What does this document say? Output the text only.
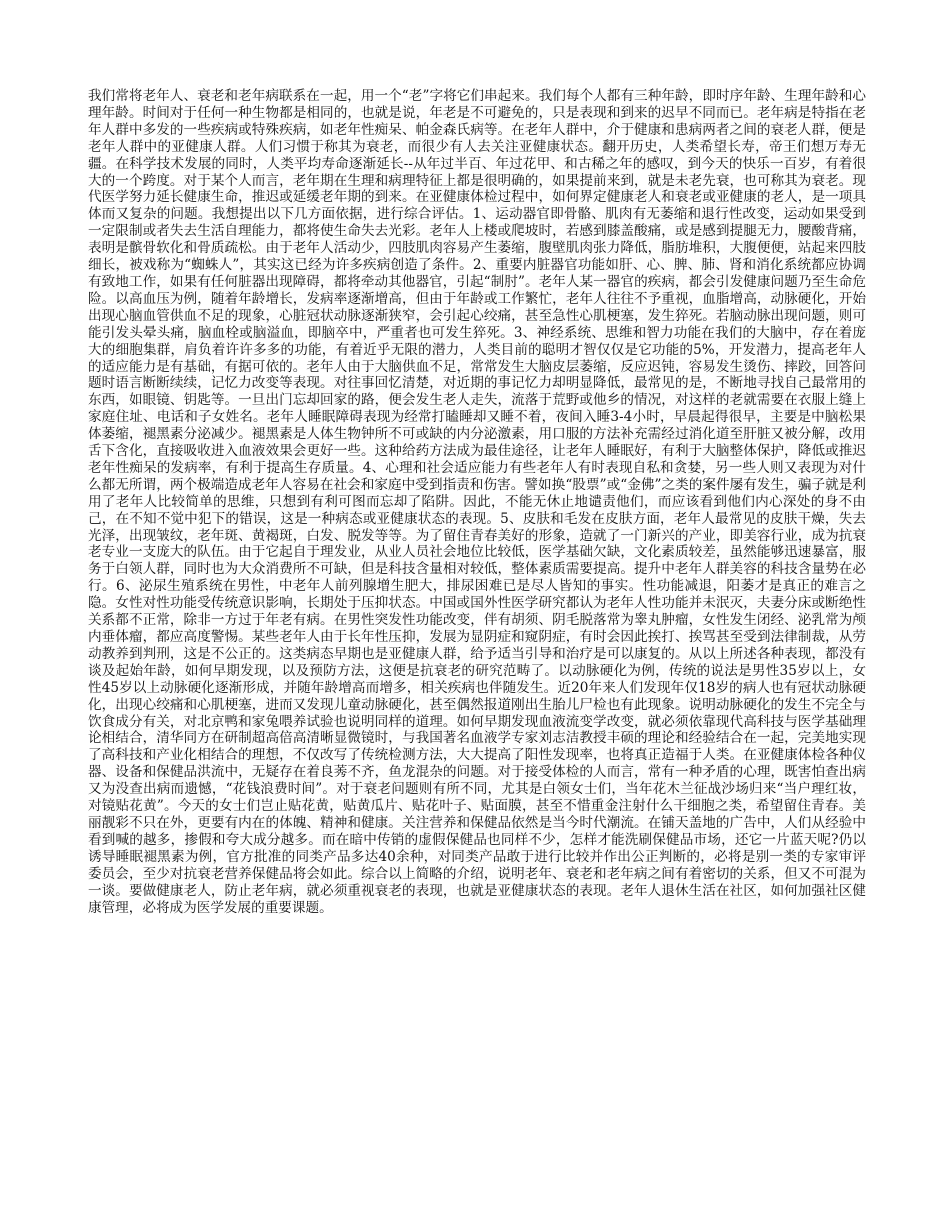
我们常将老年人、衰老和老年病联系在一起，用一个“老”字将它们串起来。我们每个人都有三种年龄，即时序年龄、生理年龄和心理年龄。时间对于任何一种生物都是相同的，也就是说，年老是不可避免的，只是表现和到来的迟早不同而已。老年病是特指在老年人群中多发的一些疾病或特殊疾病，如老年性痴呆、帕金森氏病等。在老年人群中，介于健康和患病两者之间的衰老人群，便是老年人群中的亚健康人群。人们习惯于称其为衰老，而很少有人去关注亚健康状态。翻开历史，人类希望长寿，帝王们想万寿无疆。在科学技术发展的同时，人类平均寿命逐渐延长--从年过半百、年过花甲、和古稀之年的感叹，到今天的快乐一百岁，有着很大的一个跨度。对于某个人而言，老年期在生理和病理特征上都是很明确的，如果提前来到，就是未老先衰，也可称其为衰老。现代医学努力延长健康生命，推迟或延缓老年期的到来。在亚健康体检过程中，如何界定健康老人和衰老或亚健康的老人，是一项具体而又复杂的问题。我想提出以下几方面依据，进行综合评估。1、运动器官即骨骼、肌肉有无萎缩和退行性改变，运动如果受到一定限制或者失去生活自理能力，都将使生命失去光彩。老年人上楼或爬坡时，若感到膝盖酸痛，或是感到提腿无力，腰酸背痛，表明是髌骨软化和骨质疏松。由于老年人活动少，四肢肌肉容易产生萎缩，腹壁肌肉张力降低，脂肪堆积，大腹便便，站起来四肢细长，被戏称为“蜘蛛人”，其实这已经为许多疾病创造了条件。2、重要内脏器官功能如肝、心、脾、肺、肾和消化系统都应协调有致地工作，如果有任何脏器出现障碍，都将牵动其他器官，引起“制肘”。老年人某一器官的疾病，都会引发健康问题乃至生命危险。以高血压为例，随着年龄增长，发病率逐渐增高，但由于年龄或工作繁忙，老年人往往不予重视，血脂增高，动脉硬化，开始出现心脑血管供血不足的现象，心脏冠状动脉逐渐狭窄，会引起心绞痛，甚至急性心肌梗塞，发生猝死。若脑动脉出现问题，则可能引发头晕头痛，脑血栓或脑溢血，即脑卒中，严重者也可发生猝死。3、神经系统、思维和智力功能在我们的大脑中，存在着庞大的细胞集群，肩负着许许多多的功能，有着近乎无限的潜力，人类目前的聪明才智仅仅是它功能的5%，开发潜力，提高老年人的适应能力是有基础，有据可依的。老年人由于大脑供血不足，常常发生大脑皮层萎缩，反应迟钝，容易发生烫伤、摔跤，回答问题时语言断断续续，记忆力改变等表现。对往事回忆清楚，对近期的事记忆力却明显降低，最常见的是，不断地寻找自己最常用的东西，如眼镜、钥匙等。一旦出门忘却回家的路，便会发生老人走失，流落于荒野或他乡的情况，对这样的老就需要在衣服上缝上家庭住址、电话和子女姓名。老年人睡眠障碍表现为经常打瞌睡却又睡不着，夜间入睡3-4小时，早晨起得很早，主要是中脑松果体萎缩，褪黑素分泌减少。褪黑素是人体生物钟所不可或缺的内分泌激素，用口服的方法补充需经过消化道至肝脏又被分解，改用舌下含化，直接吸收进入血液效果会更好一些。这种给药方法成为最佳途径，让老年人睡眠好，有利于大脑整体保护，降低或推迟老年性痴呆的发病率，有利于提高生存质量。4、心理和社会适应能力有些老年人有时表现自私和贪婪，另一些人则又表现为对什么都无所谓，两个极端造成老年人容易在社会和家庭中受到指责和伤害。譬如换“股票”或“金佛”之类的案件屡有发生，骗子就是利用了老年人比较简单的思维，只想到有利可图而忘却了陷阱。因此，不能无休止地谴责他们，而应该看到他们内心深处的身不由己，在不知不觉中犯下的错误，这是一种病态或亚健康状态的表现。5、皮肤和毛发在皮肤方面，老年人最常见的皮肤干燥，失去光泽，出现皱纹，老年斑、黄褐斑，白发、脱发等等。为了留住青春美好的形象，造就了一门新兴的产业，即美容行业，成为抗衰老专业一支庞大的队伍。由于它起自于理发业，从业人员社会地位比较低，医学基础欠缺，文化素质较差，虽然能够迅速暴富，服务于白领人群，同时也为大众消费所不可缺，但是科技含量相对较低，整体素质需要提高。提升中老年人群美容的科技含量势在必行。6、泌尿生殖系统在男性，中老年人前列腺增生肥大，排尿困难已是尽人皆知的事实。性功能减退，阳萎才是真正的难言之隐。女性对性功能受传统意识影响，长期处于压抑状态。中国或国外性医学研究都认为老年人性功能并未泯灭，夫妻分床或断绝性关系都不正常，除非一方过于年老有病。在男性突发性功能改变，伴有胡须、阴毛脱落常为睾丸肿瘤，女性发生闭经、泌乳常为颅内垂体瘤，都应高度警惕。某些老年人由于长年性压抑，发展为显阴症和窥阴症，有时会因此挨打、挨骂甚至受到法律制裁，从劳动教养到判刑，这是不公正的。这类病态早期也是亚健康人群，给予适当引导和治疗是可以康复的。从以上所述各种表现，都没有谈及起始年龄，如何早期发现，以及预防方法，这便是抗衰老的研究范畴了。以动脉硬化为例，传统的说法是男性35岁以上，女性45岁以上动脉硬化逐渐形成，并随年龄增高而增多，相关疾病也伴随发生。近20年来人们发现年仅18岁的病人也有冠状动脉硬化，出现心绞痛和心肌梗塞，进而又发现儿童动脉硬化，甚至偶然报道刚出生胎儿尸检也有此现象。说明动脉硬化的发生不完全与饮食成分有关，对北京鸭和家兔喂养试验也说明同样的道理。如何早期发现血液流变学改变，就必须依靠现代高科技与医学基础理论相结合，清华同方在研制超高倍高清晰显微镜时，与我国著名血液学专家刘志洁教授丰硕的理论和经验结合在一起，完美地实现了高科技和产业化相结合的理想，不仅改写了传统检测方法，大大提高了阳性发现率，也将真正造福于人类。在亚健康体检各种仪器、设备和保健品洪流中，无疑存在着良莠不齐，鱼龙混杂的问题。对于接受体检的人而言，常有一种矛盾的心理，既害怕查出病又为没查出病而遗憾，“花钱浪费时间”。对于衰老问题则有所不同，尤其是白领女士们，当年花木兰征战沙场归来“当户理红妆，对镜贴花黄”。今天的女士们岂止贴花黄，贴黄瓜片、贴花叶子、贴面膜，甚至不惜重金注射什么干细胞之类，希望留住青春。美丽靓彩不只在外，更要有内在的体魄、精神和健康。关注营养和保健品依然是当今时代潮流。在铺天盖地的广告中，人们从经验中看到喊的越多，掺假和夸大成分越多。而在暗中传销的虚假保健品也同样不少，怎样才能洗刷保健品市场，还它一片蓝天呢?仍以诱导睡眠褪黑素为例，官方批准的同类产品多达40余种，对同类产品敢于进行比较并作出公正判断的，必将是别一类的专家审评委员会，至少对抗衰老营养保健品将会如此。综合以上简略的介绍，说明老年、衰老和老年病之间有着密切的关系，但又不可混为一谈。要做健康老人，防止老年病，就必须重视衰老的表现，也就是亚健康状态的表现。老年人退休生活在社区，如何加强社区健康管理，必将成为医学发展的重要课题。
